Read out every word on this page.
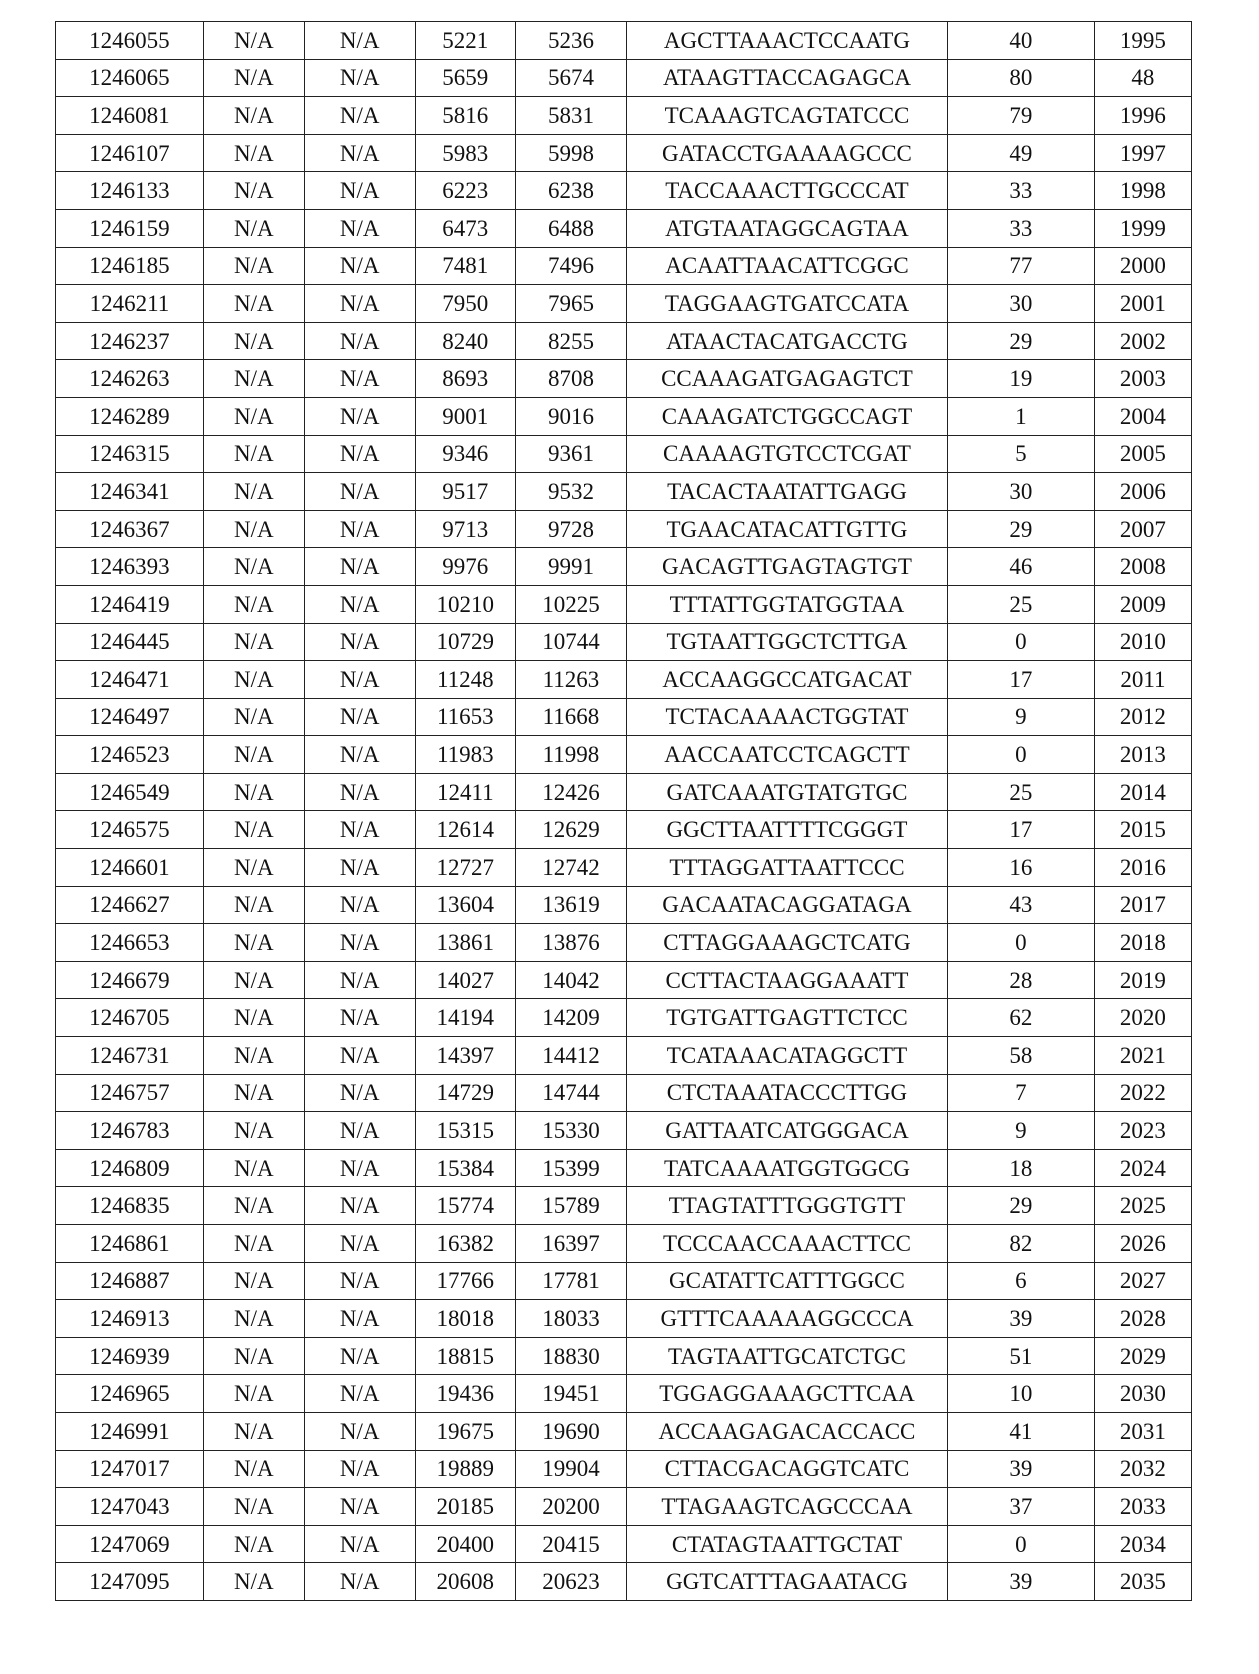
1246055	N/A	N/A	5221	5236	AGCTTAAACTCCAATG	40	1995
1246065	N/A	N/A	5659	5674	ATAAGTTACCAGAGCA	80	48
1246081	N/A	N/A	5816	5831	TCAAAGTCAGTATCCC	79	1996
1246107	N/A	N/A	5983	5998	GATACCTGAAAAGCCC	49	1997
1246133	N/A	N/A	6223	6238	TACCAAACTTGCCCAT	33	1998
1246159	N/A	N/A	6473	6488	ATGTAATAGGCAGTAA	33	1999
1246185	N/A	N/A	7481	7496	ACAATTAACATTCGGC	77	2000
1246211	N/A	N/A	7950	7965	TAGGAAGTGATCCATA	30	2001
1246237	N/A	N/A	8240	8255	ATAACTACATGACCTG	29	2002
1246263	N/A	N/A	8693	8708	CCAAAGATGAGAGTCT	19	2003
1246289	N/A	N/A	9001	9016	CAAAGATCTGGCCAGT	1	2004
1246315	N/A	N/A	9346	9361	CAAAAGTGTCCTCGAT	5	2005
1246341	N/A	N/A	9517	9532	TACACTAATATTGAGG	30	2006
1246367	N/A	N/A	9713	9728	TGAACATACATTGTTG	29	2007
1246393	N/A	N/A	9976	9991	GACAGTTGAGTAGTGT	46	2008
1246419	N/A	N/A	10210	10225	TTTATTGGTATGGTAA	25	2009
1246445	N/A	N/A	10729	10744	TGTAATTGGCTCTTGA	0	2010
1246471	N/A	N/A	11248	11263	ACCAAGGCCATGACAT	17	2011
1246497	N/A	N/A	11653	11668	TCTACAAAACTGGTAT	9	2012
1246523	N/A	N/A	11983	11998	AACCAATCCTCAGCTT	0	2013
1246549	N/A	N/A	12411	12426	GATCAAATGTATGTGC	25	2014
1246575	N/A	N/A	12614	12629	GGCTTAATTTTCGGGT	17	2015
1246601	N/A	N/A	12727	12742	TTTAGGATTAATTCCC	16	2016
1246627	N/A	N/A	13604	13619	GACAATACAGGATAGA	43	2017
1246653	N/A	N/A	13861	13876	CTTAGGAAAGCTCATG	0	2018
1246679	N/A	N/A	14027	14042	CCTTACTAAGGAAATT	28	2019
1246705	N/A	N/A	14194	14209	TGTGATTGAGTTCTCC	62	2020
1246731	N/A	N/A	14397	14412	TCATAAACATAGGCTT	58	2021
1246757	N/A	N/A	14729	14744	CTCTAAATACCCTTGG	7	2022
1246783	N/A	N/A	15315	15330	GATTAATCATGGGACA	9	2023
1246809	N/A	N/A	15384	15399	TATCAAAATGGTGGCG	18	2024
1246835	N/A	N/A	15774	15789	TTAGTATTTGGGTGTT	29	2025
1246861	N/A	N/A	16382	16397	TCCCAACCAAACTTCC	82	2026
1246887	N/A	N/A	17766	17781	GCATATTCATTTGGCC	6	2027
1246913	N/A	N/A	18018	18033	GTTTCAAAAAGGCCCA	39	2028
1246939	N/A	N/A	18815	18830	TAGTAATTGCATCTGC	51	2029
1246965	N/A	N/A	19436	19451	TGGAGGAAAGCTTCAA	10	2030
1246991	N/A	N/A	19675	19690	ACCAAGAGACACCACC	41	2031
1247017	N/A	N/A	19889	19904	CTTACGACAGGTCATC	39	2032
1247043	N/A	N/A	20185	20200	TTAGAAGTCAGCCCAA	37	2033
1247069	N/A	N/A	20400	20415	CTATAGTAATTGCTAT	0	2034
1247095	N/A	N/A	20608	20623	GGTCATTTAGAATACG	39	2035
